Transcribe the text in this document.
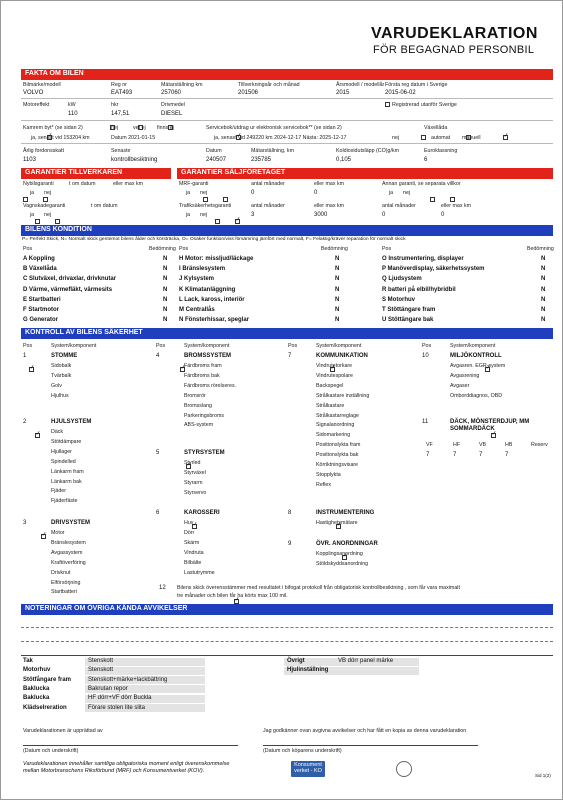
VARUDEKLARATION
FÖR BEGAGNAD PERSONBIL
FAKTA OM BILEN
Bilmärke/modell
VOLVO
Reg nr
EAT493
Mätarställning km
257060
Tillverkningsår och månad
201506
Årsmodell / modellår
2015
Första reg datum i Sverige
2015-06-02
Motoreffekt	kW	hkr	Drivmedel
110	147,51	DIESEL
Registrerad utanför Sverige
Kamrem byt* (se sidan 2)	nej	vet ej finns ej
✓
ja, senast vid 153204 km	Datum 2021-01-15
Servicebok/utdrag ur elektronisk servicebok** (se sidan 2)
✓
ja, senast vid 249220 km 2024-12-17 Nästa: 2025-12-17	nej
Växellåda
automat
✓ manuell
Årlig fordonsskatt
1103
Senaste
kontrollbesiktning
Datum
240507
Mätarställning, km
235785
Koldioxidutsläpp (CO)g/km
0,105
Euroklassning
6
GARANTIER TILLVERKAREN	GARANTIER SÄLJFÖRETAGET
Nybilsgaranti	t om datum	eller max km
ja nej
Vagnskadegaranti	t om datum
ja nej
MRF-garanti	antal månader	eller max km
ja nej	0	0
Trafiksäkerhetsgaranti	antal månader	eller max km
ja
✓ nej	3	3000
Annan garanti, se separata villkor
antal månader	eller max km
ja nej
0	0
BILENS KONDITION
P= Perfekt Skick, N= Normalt skick gentemot bilens ålder och körsträcka, O= Osäker funktion/viss försämring jämfört med normalt, F= Felaktig/kräver reparation för normalt skick
Pos	Bedömning
A Koppling	N
B Växellåda	N
C Slutväxel, drivaxlar, drivknutar	N
D Värme, värmefläkt, värmesits	N
E Startbatteri	N
F Startmotor	N
G Generator	N
Pos	Bedömning
H Motor: missljud/läckage	N
I Bränslesystem	N
J Kylsystem	N
K Klimatanläggning	N
L Lack, kaross, interiör	N
M Centrallås	N
N Fönsterhissar, speglar	N
Pos	Bedömning
O Instrumentering, displayer	N
P Manöverdisplay, säkerhetssystem	N
Q Ljudsystem	N
R batteri på elbil/hybridbil	N
S Motorhuv	N
T Stöttängare fram	N
U Stöttängare bak	N
KONTROLL AV BILENS SÄKERHET
Pos	System/komponent	Pos	System/komponent	Pos	System/komponent	Pos	System/komponent
1
✓	STOMME
Sidobalk
Tvärbalk
Golv
Hjulhus
2
✓	HJULSYSTEM
Däck
Stötdämpare
Hjullager
Spindelled
Länkarm fram
Länkarm bak
Fjäder
Fjäderfäste
3
✓	DRIVSYSTEM
Motor
Bränslesystem
Avgassystem
Kraftöverföring
Drivknut
Elförsörjning
Startbatteri
4
✓	BROMSSYSTEM
Färdbroms fram
Färdbroms bak
Färdbroms rörelseres.
Bromsrör
Bromsslang
Parkeringsbroms
ABS-system
5
✓	STYRSYSTEM
Styrled
Styrväxel
Styrarm
Styrservo
6
✓	KAROSSERI
Huv
Dörr
Skärm
Vindruta
Bilbälte
Lastutrymme
7
✓	KOMMUNIKATION
Vindrutetorkare
Vindrutespolare
Backspegel
Strålkastare inställning
Strålkastare
Strålkastarreglage
Signalanordning
Sidomarkering
Positionslykta fram
Positionslykta bak
Körriktningsvisare
Stopplykta
Reflex
8
✓	INSTRUMENTERING
Hastighetsmätare
9
✓	ÖVR. ANORDNINGAR
Kopplingsanordning
Stöldskyddsanordning
10
✓	MILJÖKONTROLL
Avgasren. EGR-system
Avgasrening
Avgaser
Omborddiagnos, OBD
11
✓	DÄCK, MÖNSTERDJUP, MM SOMMARDÄCK
VF
7
HF
7
VB
7
HB
7
Reserv
12
✓ Bilens skick överensstämmer med resultatet i bifogat protokoll från obligatorisk kontrollbesiktning , som får vara maximalt
tre månader och bilen får ha körts max 100 mil.
NOTERINGAR OM ÖVRIGA KÄNDA AVVIKELSER
Tak	Stenskott
Motorhuv	Stenskott
Stötfångare fram	Stenskott+märke+lackbättring
Baklucka	Bakrutan repor
Baklucka	HF dörr+VF dörr Buckla
Klädselreration	Förare stolen lite slita
Övrigt	VB dörr panel märke
Hjulinställning
Varudeklarationen är upprättad av	Jag godkänner ovan avgivna avvikelser och har fått en kopia av denna varudeklaration
(Datum och underskrift)	(Datum och köparens underskrift)
Varudeklarationen innehåller samtliga obligatoriska moment enligt överenskommelse
mellan Motorbranschens Riksförbund (MRF) och Konsumentverket (KOV).
Konsument
verket - KO
Sid 1(2)
